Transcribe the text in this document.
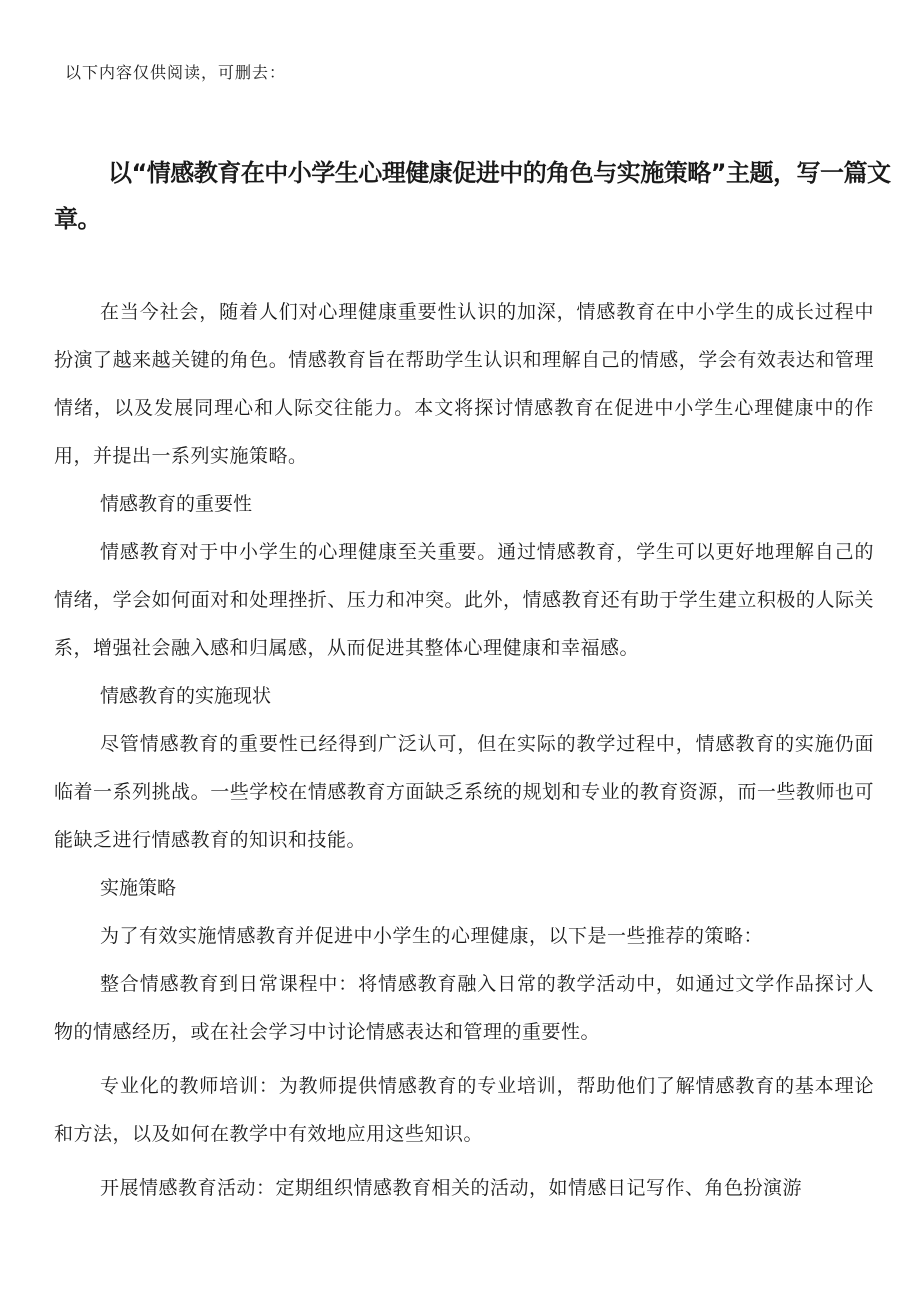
以下内容仅供阅读，可删去：
以“情感教育在中小学生心理健康促进中的角色与实施策略”主题，写一篇文章。

在当今社会，随着人们对心理健康重要性认识的加深，情感教育在中小学生的成长过程中扮演了越来越关键的角色。情感教育旨在帮助学生认识和理解自己的情感，学会有效表达和管理情绪，以及发展同理心和人际交往能力。本文将探讨情感教育在促进中小学生心理健康中的作用，并提出一系列实施策略。

情感教育的重要性

情感教育对于中小学生的心理健康至关重要。通过情感教育，学生可以更好地理解自己的情绪，学会如何面对和处理挫折、压力和冲突。此外，情感教育还有助于学生建立积极的人际关系，增强社会融入感和归属感，从而促进其整体心理健康和幸福感。

情感教育的实施现状

尽管情感教育的重要性已经得到广泛认可，但在实际的教学过程中，情感教育的实施仍面临着一系列挑战。一些学校在情感教育方面缺乏系统的规划和专业的教育资源，而一些教师也可能缺乏进行情感教育的知识和技能。

实施策略

为了有效实施情感教育并促进中小学生的心理健康，以下是一些推荐的策略：

整合情感教育到日常课程中：将情感教育融入日常的教学活动中，如通过文学作品探讨人物的情感经历，或在社会学习中讨论情感表达和管理的重要性。

专业化的教师培训：为教师提供情感教育的专业培训，帮助他们了解情感教育的基本理论和方法，以及如何在教学中有效地应用这些知识。

开展情感教育活动：定期组织情感教育相关的活动，如情感日记写作、角色扮演游
